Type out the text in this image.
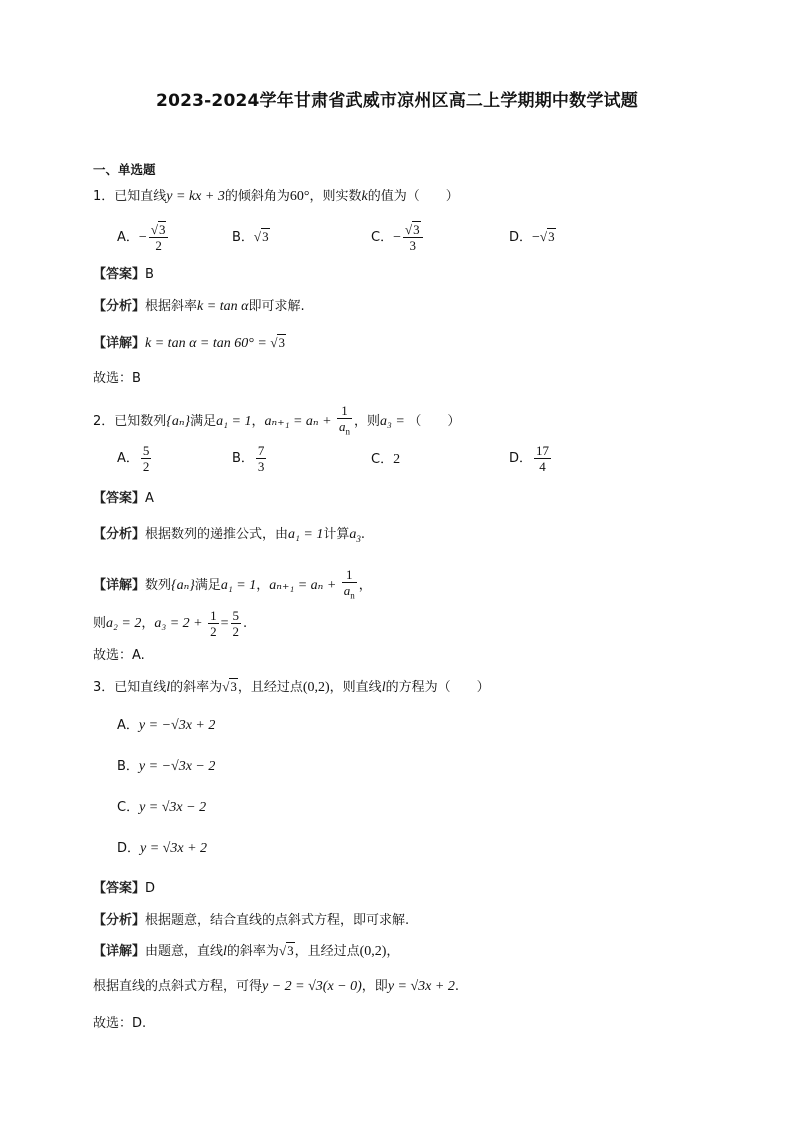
2023-2024学年甘肃省武威市凉州区高二上学期期中数学试题
一、单选题
1．已知直线y = kx + 3的倾斜角为60°，则实数k的值为（　　）
A．− $\frac{√3}{2}$	B．√3	C．− $\frac{√3}{3}$	D．−√3
【答案】B
【分析】根据斜率k = tan α即可求解.
【详解】k = tan α = tan 60° = √3
故选：B
2．已知数列{aₙ}满足a₁ = 1，$a_{n+1} = a_n + \frac{1}{a_n}$ ，则a₃ = （　　）
A． $\frac{5}{2}$	B． $\frac{7}{3}$	C．2	D． $\frac{17}{4}$
【答案】A
【分析】根据数列的递推公式，由a₁ = 1计算$a_3$.
【详解】数列{aₙ}满足a₁ = 1，$a_{n+1} = a_n + \frac{1}{a_n}$ ，
则a₂ = 2，$a_3 = 2 + \frac{1}{2} = \frac{5}{2}$ .
故选：A.
3．已知直线l的斜率为√3，且经过点(0,2)，则直线l的方程为（　　）
A．y = −√3x + 2
B．y = −√3x − 2
C．y = √3x − 2
D．y = √3x + 2
【答案】D
【分析】根据题意，结合直线的点斜式方程，即可求解.
【详解】由题意，直线l的斜率为√3，且经过点(0,2)，
根据直线的点斜式方程，可得y − 2 = √3(x − 0)，即y = √3x + 2.
故选：D.
